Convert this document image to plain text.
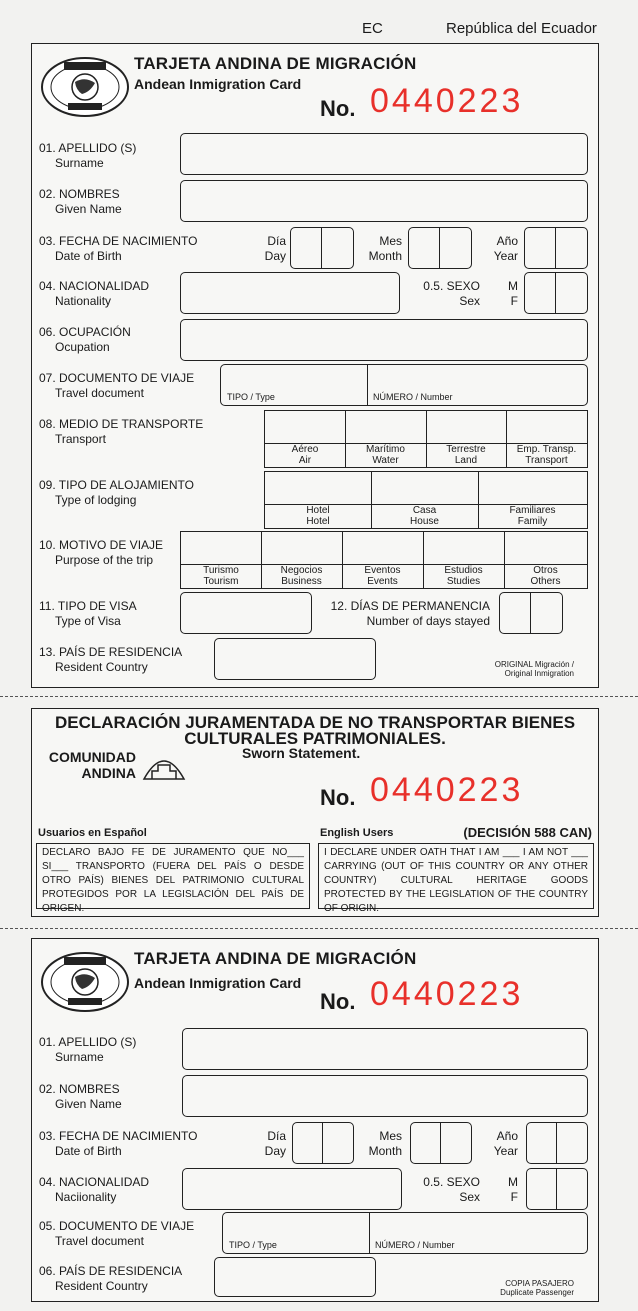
EC	República del Ecuador
TARJETA ANDINA DE MIGRACIÓN
Andean Inmigration Card
No. 0440223
01. APELLIDO (S)
Surname
02. NOMBRES
Given Name
03. FECHA DE NACIMIENTO
Date of Birth
Día
Day
Mes
Month
Año
Year
04. NACIONALIDAD
Nationality
0.5. SEXO
Sex
M
F
06. OCUPACIÓN
Ocupation
07. DOCUMENTO DE VIAJE
Travel document	TIPO / Type	NÚMERO / Number
08. MEDIO DE TRANSPORTE
Transport
Aéreo
Air
Marítimo
Water
Terrestre
Land
Emp. Transp.
Transport
09. TIPO DE ALOJAMIENTO
Type of lodging
Hotel
Hotel
Casa
House
Familiares
Family
10. MOTIVO DE VIAJE
Purpose of the trip
Turismo
Tourism
Negocios
Business
Eventos
Events
Estudios
Studies
Otros
Others
11. TIPO DE VISA
Type of Visa
12. DÍAS DE PERMANENCIA
Number of days stayed
13. PAÍS DE RESIDENCIA
Resident Country	ORIGINAL Migración /
Original Inmigration
DECLARACIÓN JURAMENTADA DE NO TRANSPORTAR BIENES
CULTURALES PATRIMONIALES.
Sworn Statement.
COMUNIDAD
ANDINA
No. 0440223
Usuarios en Español	English Users	(DECISIÓN 588 CAN)
DECLARO BAJO FE DE JURAMENTO QUE NO___ SI___ TRANSPORTO (FUERA DEL PAÍS O DESDE OTRO PAÍS) BIENES DEL PATRIMONIO CULTURAL PROTEGIDOS POR LA LEGISLACIÓN DEL PAÍS DE ORIGEN.
I DECLARE UNDER OATH THAT I AM ___ I AM NOT ___ CARRYING (OUT OF THIS COUNTRY OR ANY OTHER COUNTRY) CULTURAL HERITAGE GOODS PROTECTED BY THE LEGISLATION OF THE COUNTRY OF ORIGIN.
TARJETA ANDINA DE MIGRACIÓN
Andean Inmigration Card
No. 0440223
01. APELLIDO (S)
Surname
02. NOMBRES
Given Name
03. FECHA DE NACIMIENTO
Date of Birth
Día
Day
Mes
Month
Año
Year
04. NACIONALIDAD
Naciionality
0.5. SEXO
Sex
M
F
05. DOCUMENTO DE VIAJE
Travel document	TIPO / Type	NÚMERO / Number
06. PAÍS DE RESIDENCIA
Resident Country	COPIA PASAJERO
Duplicate Passenger
